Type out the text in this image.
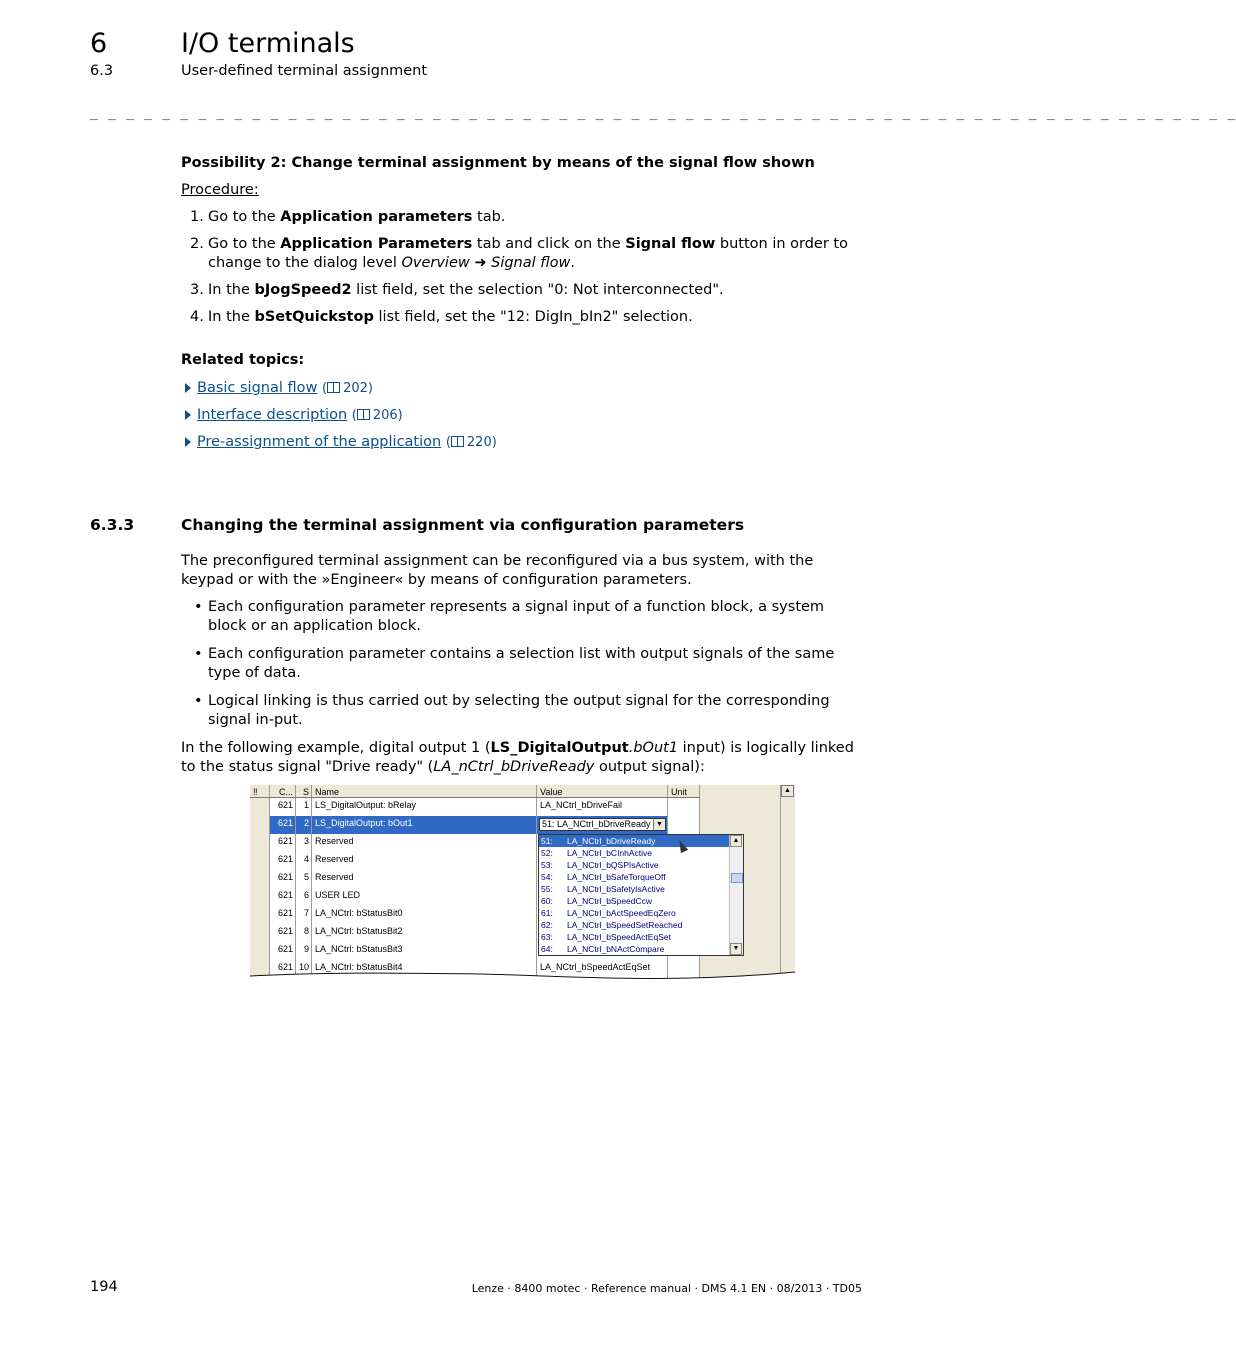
6	I/O terminals
6.3	User-defined terminal assignment
_ _ _ _ _ _ _ _ _ _ _ _ _ _ _ _ _ _ _ _ _ _ _ _ _ _ _ _ _ _ _ _ _ _ _ _ _ _ _ _ _ _ _ _ _ _ _ _ _ _ _ _ _ _ _ _ _ _ _ _ _ _ _ _

Possibility 2: Change terminal assignment by means of the signal flow shown

Procedure:

1. Go to the Application parameters tab.
2. Go to the Application Parameters tab and click on the Signal flow button in order to change to the dialog level Overview ➜ Signal flow.
3. In the bJogSpeed2 list field, set the selection "0: Not interconnected".
4. In the bSetQuickstop list field, set the "12: DigIn_bIn2" selection.

Related topics:

Basic signal flow ( 202)
Interface description ( 206)
Pre-assignment of the application ( 220)
6.3.3	Changing the terminal assignment via configuration parameters

The preconfigured terminal assignment can be reconfigured via a bus system, with the keypad or with the »Engineer« by means of configuration parameters.

• Each configuration parameter represents a signal input of a function block, a system block or an application block.
• Each configuration parameter contains a selection list with output signals of the same type of data.
• Logical linking is thus carried out by selecting the output signal for the corresponding signal in-put.

In the following example, digital output 1 (LS_DigitalOutput.bOut1 input) is logically linked to the status signal "Drive ready" (LA_nCtrl_bDriveReady output signal):

‼	C...	S Name	Value	Unit
621	1 LS_DigitalOutput: bRelay	LA_NCtrl_bDriveFail
621	2 LS_DigitalOutput: bOut1
621	3 Reserved
621	4 Reserved
621	5 Reserved
621	6 USER LED
621	7 LA_NCtrl: bStatusBit0
621	8 LA_NCtrl: bStatusBit2
621	9 LA_NCtrl: bStatusBit3
621 10 LA_NCtrl: bStatusBit4	LA_NCtrl_bSpeedActEqSet
51: LA_NCtrl_bDriveReady ▼
51: LA_NCtrl_bDriveReady
52: LA_NCtrl_bCInhActive
53: LA_NCtrl_bQSPIsActive
54: LA_NCtrl_bSafeTorqueOff
55: LA_NCtrl_bSafetyIsActive
60: LA_NCtrl_bSpeedCcw
61: LA_NCtrl_bActSpeedEqZero
62: LA_NCtrl_bSpeedSetReached
63: LA_NCtrl_bSpeedActEqSet
64: LA_NCtrl_bNActCompare
▲
▼
▲
194	Lenze · 8400 motec · Reference manual · DMS 4.1 EN · 08/2013 · TD05
